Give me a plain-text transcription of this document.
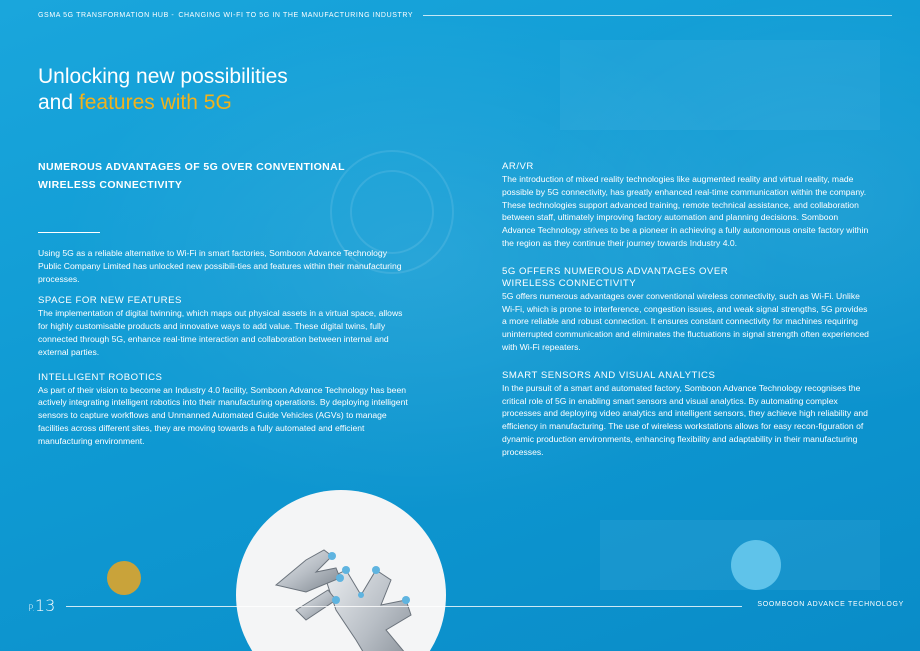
GSMA 5G TRANSFORMATION HUB - CHANGING WI-FI TO 5G IN THE MANUFACTURING INDUSTRY
Unlocking new possibilities
and features with 5G

NUMEROUS ADVANTAGES OF 5G OVER CONVENTIONAL
WIRELESS CONNECTIVITY

Using 5G as a reliable alternative to Wi-Fi in smart factories, Somboon Advance Technology Public Company Limited has unlocked new possibili-ties and features within their manufacturing processes.

SPACE FOR NEW FEATURES

The implementation of digital twinning, which maps out physical assets in a virtual space, allows for highly customisable products and innovative ways to add value. These digital twins, fully connected through 5G, enhance real-time interaction and collaboration between internal and external parties.

INTELLIGENT ROBOTICS

As part of their vision to become an Industry 4.0 facility, Somboon Advance Technology has been actively integrating intelligent robotics into their manufacturing operations. By deploying intelligent sensors to capture workflows and Unmanned Automated Guide Vehicles (AGVs) to manage facilities across different sites, they are moving towards a fully automated and efficient manufacturing environment.

AR/VR

The introduction of mixed reality technologies like augmented reality and virtual reality, made possible by 5G connectivity, has greatly enhanced real-time communication within the company. These technologies support advanced training, remote technical assistance, and collaboration between staff, ultimately improving factory automation and planning decisions. Somboon Advance Technology strives to be a pioneer in achieving a fully autonomous onsite factory within the region as they continue their journey towards Industry 4.0.

5G OFFERS NUMEROUS ADVANTAGES OVER
WIRELESS CONNECTIVITY

5G offers numerous advantages over conventional wireless connectivity, such as Wi-Fi. Unlike Wi-Fi, which is prone to interference, congestion issues, and weak signal strengths, 5G provides a more reliable and robust connection. It ensures constant connectivity for machines requiring uninterrupted communication and eliminates the fluctuations in signal strength often experienced with Wi-Fi repeaters.

SMART SENSORS AND VISUAL ANALYTICS

In the pursuit of a smart and automated factory, Somboon Advance Technology recognises the critical role of 5G in enabling smart sensors and visual analytics. By automating complex processes and deploying video analytics and intelligent sensors, they achieve high reliability and efficiency in manufacturing. The use of wireless workstations allows for easy recon-figuration of dynamic production environments, enhancing flexibility and adaptability in their manufacturing processes.

P.13	SOOMBOON ADVANCE TECHNOLOGY
